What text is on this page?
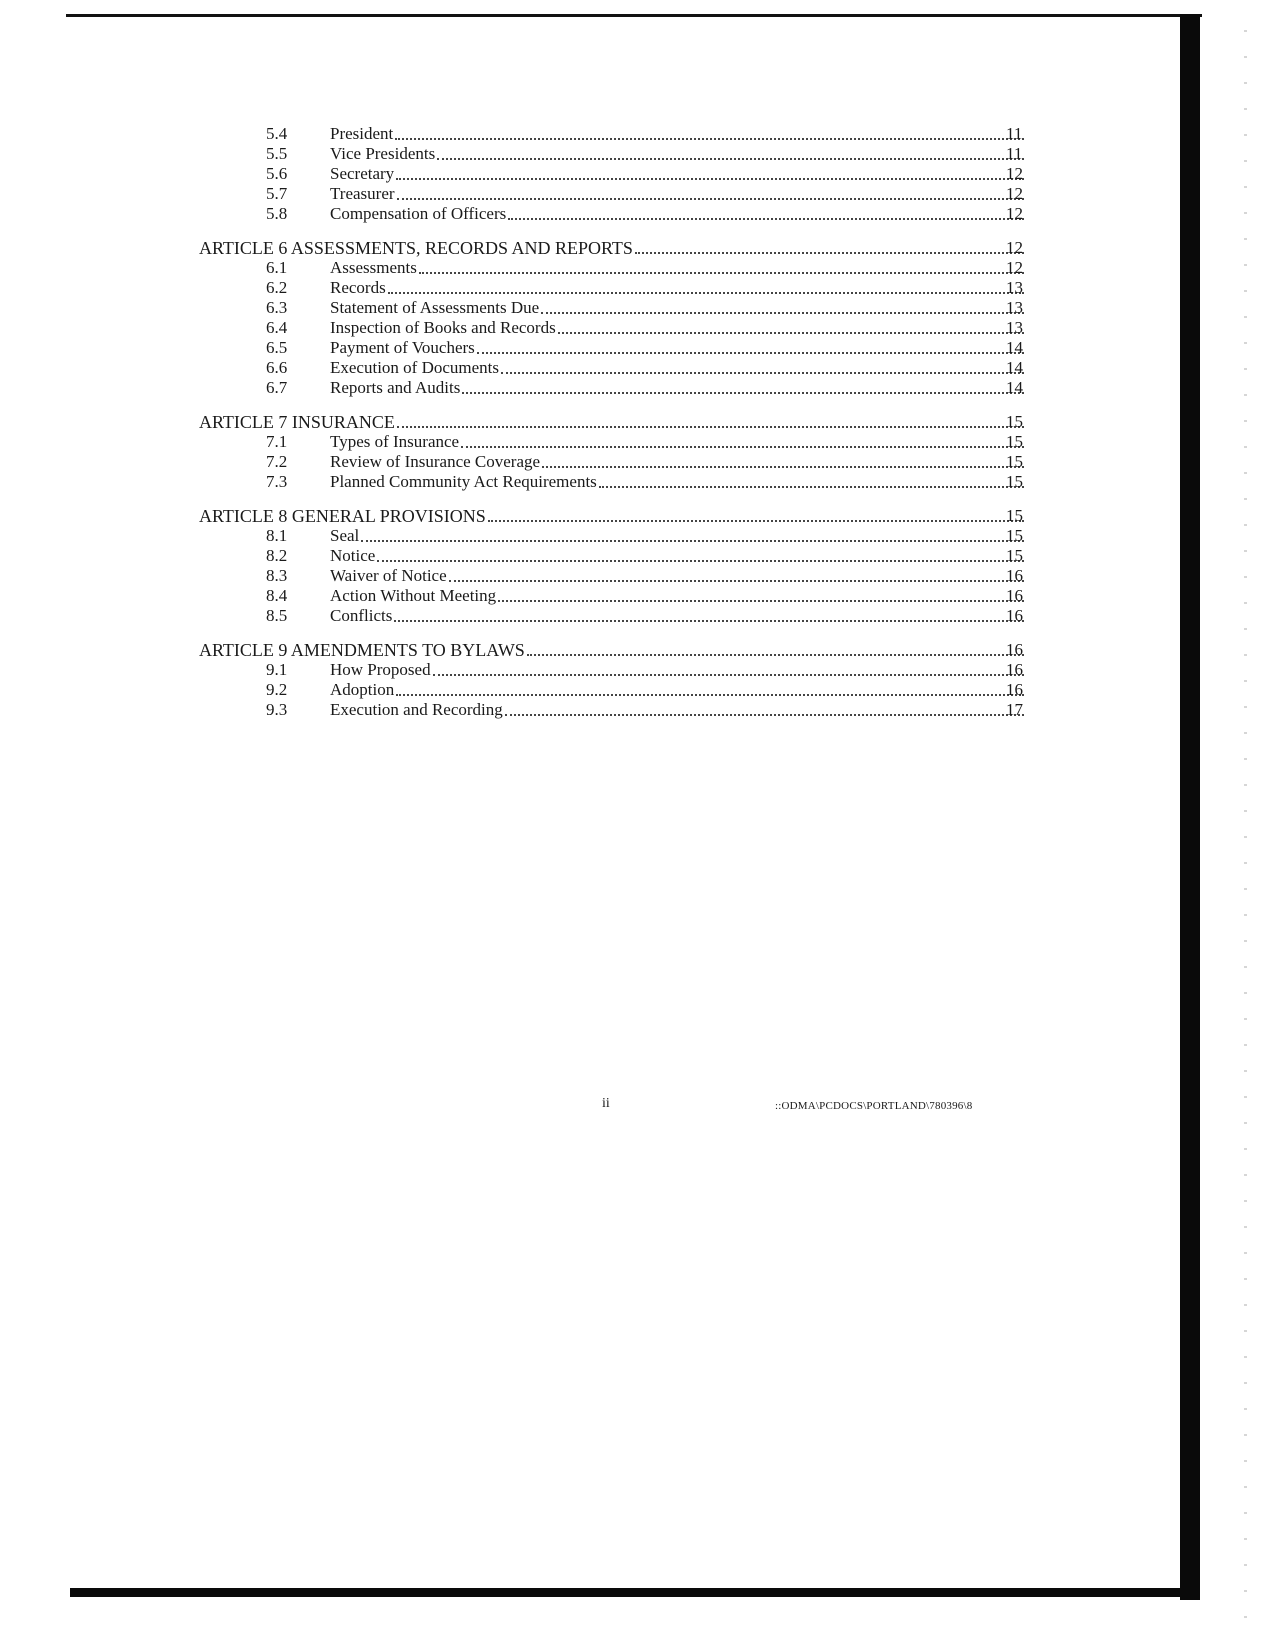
5.4	President	11
5.5	Vice Presidents	11
5.6	Secretary	12
5.7	Treasurer	12
5.8	Compensation of Officers	12
ARTICLE 6 ASSESSMENTS, RECORDS AND REPORTS	12
6.1	Assessments	12
6.2	Records	13
6.3	Statement of Assessments Due	13
6.4	Inspection of Books and Records	13
6.5	Payment of Vouchers	14
6.6	Execution of Documents	14
6.7	Reports and Audits	14
ARTICLE 7 INSURANCE	15
7.1	Types of Insurance	15
7.2	Review of Insurance Coverage	15
7.3	Planned Community Act Requirements	15
ARTICLE 8 GENERAL PROVISIONS	15
8.1	Seal	15
8.2	Notice	15
8.3	Waiver of Notice	16
8.4	Action Without Meeting	16
8.5	Conflicts	16
ARTICLE 9 AMENDMENTS TO BYLAWS	16
9.1	How Proposed	16
9.2	Adoption	16
9.3	Execution and Recording	17
ii	::ODMA\PCDOCS\PORTLAND\780396\8
